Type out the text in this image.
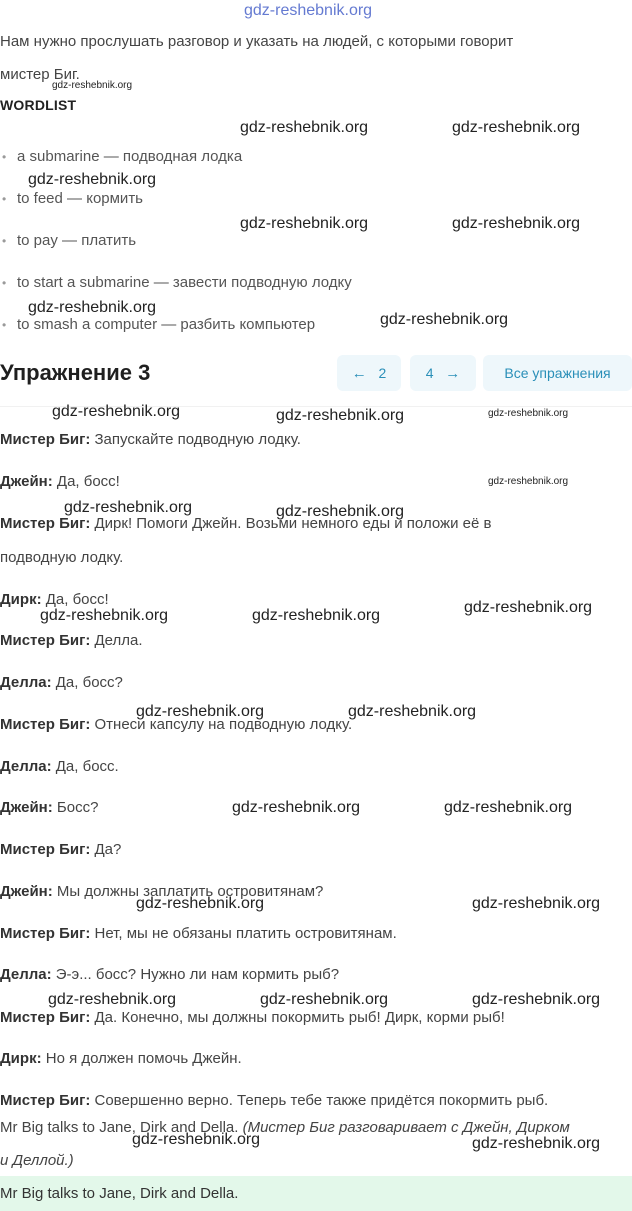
gdz-reshebnik.org
Нам нужно прослушать разговор и указать на людей, с которыми говорит
мистер Биг.
WORDLIST
• a submarine — подводная лодка
• to feed — кормить
• to pay — платить
• to start a submarine — завести подводную лодку
• to smash a computer — разбить компьютер
Упражнение 3	←
2	4
→	Все упражнения
Мистер Биг: Запускайте подводную лодку.
Джейн: Да, босс!
Мистер Биг: Дирк! Помоги Джейн. Возьми немного еды и положи её в
подводную лодку.
Дирк: Да, босс!
Мистер Биг: Делла.
Делла: Да, босс?
Мистер Биг: Отнеси капсулу на подводную лодку.
Делла: Да, босс.
Джейн: Босс?
Мистер Биг: Да?
Джейн: Мы должны заплатить островитянам?
Мистер Биг: Нет, мы не обязаны платить островитянам.
Делла: Э-э... босс? Нужно ли нам кормить рыб?
Мистер Биг: Да. Конечно, мы должны покормить рыб! Дирк, корми рыб!
Дирк: Но я должен помочь Джейн.
Мистер Биг: Совершенно верно. Теперь тебе также придётся покормить рыб.
Mr Big talks to Jane, Dirk and Della. (Мистер Биг разговаривает с Джейн, Дирком
и Деллой.)
Mr Big talks to Jane, Dirk and Della.
gdz-reshebnik.org
gdz-reshebnik.org	gdz-reshebnik.org
gdz-reshebnik.org
gdz-reshebnik.org	gdz-reshebnik.org
gdz-reshebnik.org
gdz-reshebnik.org
gdz-reshebnik.org	gdz-reshebnik.org	gdz-reshebnik.org
gdz-reshebnik.org
gdz-reshebnik.org	gdz-reshebnik.org
gdz-reshebnik.org	gdz-reshebnik.org	gdz-reshebnik.org
gdz-reshebnik.org	gdz-reshebnik.org
gdz-reshebnik.org	gdz-reshebnik.org
gdz-reshebnik.org	gdz-reshebnik.org
gdz-reshebnik.org	gdz-reshebnik.org	gdz-reshebnik.org
gdz-reshebnik.org	gdz-reshebnik.org
